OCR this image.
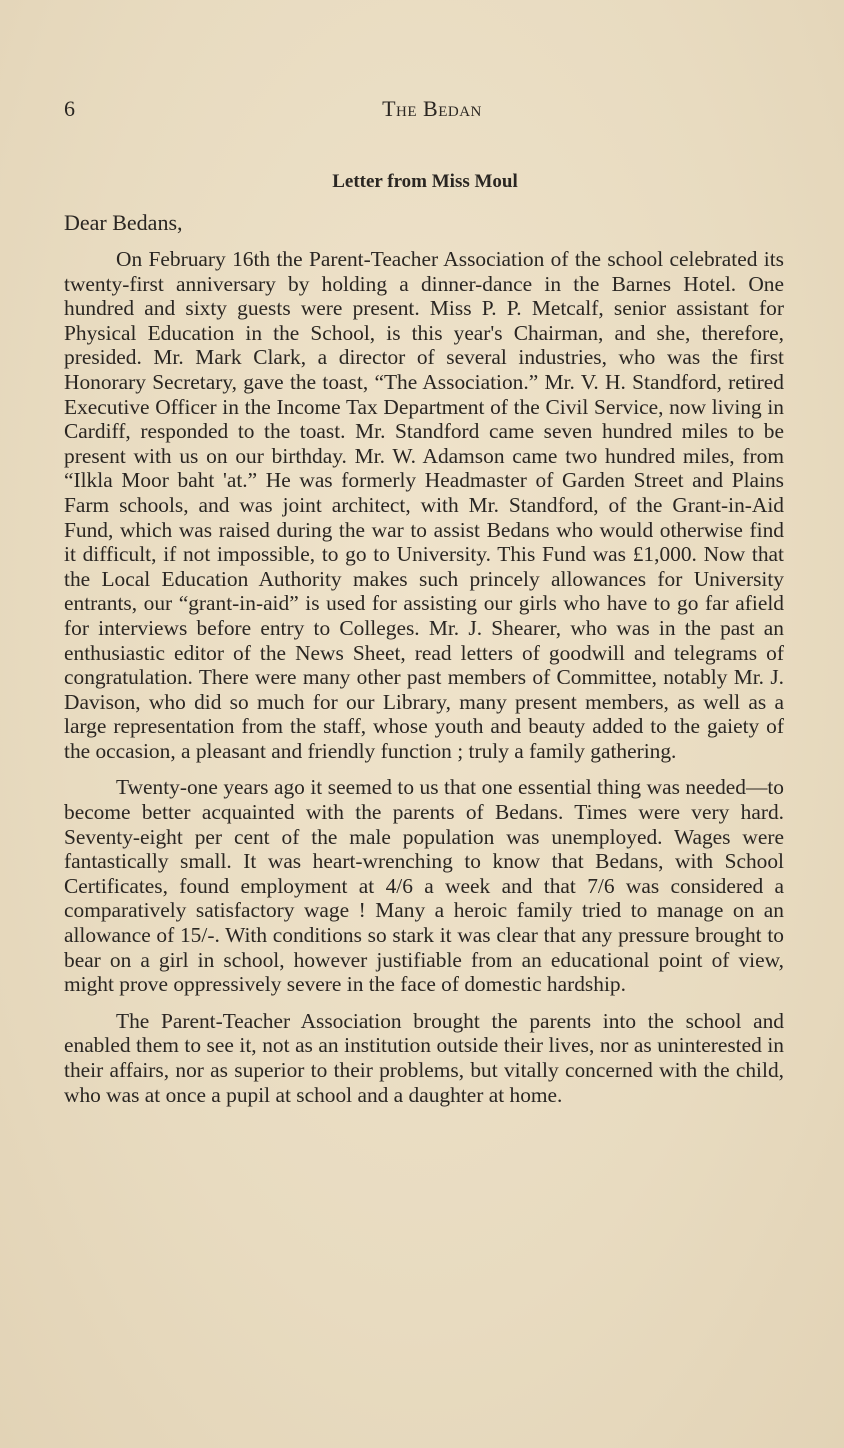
6	The Bedan
Letter from Miss Moul
Dear Bedans,

On February 16th the Parent-Teacher Association of the school celebrated its twenty-first anniversary by holding a dinner-dance in the Barnes Hotel. One hundred and sixty guests were present. Miss P. P. Metcalf, senior assistant for Physical Education in the School, is this year's Chairman, and she, therefore, presided. Mr. Mark Clark, a director of several industries, who was the first Honorary Secretary, gave the toast, “The Association.” Mr. V. H. Standford, retired Executive Officer in the Income Tax Department of the Civil Service, now living in Cardiff, responded to the toast. Mr. Standford came seven hundred miles to be present with us on our birthday. Mr. W. Adamson came two hundred miles, from “Ilkla Moor baht 'at.” He was formerly Headmaster of Garden Street and Plains Farm schools, and was joint architect, with Mr. Standford, of the Grant-in-Aid Fund, which was raised during the war to assist Bedans who would otherwise find it difficult, if not impossible, to go to University. This Fund was £1,000. Now that the Local Education Authority makes such princely allowances for University entrants, our “grant-in-aid” is used for assisting our girls who have to go far afield for interviews before entry to Colleges. Mr. J. Shearer, who was in the past an enthusiastic editor of the News Sheet, read letters of goodwill and telegrams of congratulation. There were many other past members of Committee, notably Mr. J. Davison, who did so much for our Library, many present members, as well as a large representation from the staff, whose youth and beauty added to the gaiety of the occasion, a pleasant and friendly function ; truly a family gathering.

Twenty-one years ago it seemed to us that one essential thing was needed—to become better acquainted with the parents of Bedans. Times were very hard. Seventy-eight per cent of the male population was unemployed. Wages were fantastically small. It was heart-wrenching to know that Bedans, with School Certificates, found employment at 4/6 a week and that 7/6 was considered a comparatively satisfactory wage ! Many a heroic family tried to manage on an allowance of 15/-. With conditions so stark it was clear that any pressure brought to bear on a girl in school, however justifiable from an educational point of view, might prove oppressively severe in the face of domestic hardship.

The Parent-Teacher Association brought the parents into the school and enabled them to see it, not as an institution outside their lives, nor as uninterested in their affairs, nor as superior to their problems, but vitally concerned with the child, who was at once a pupil at school and a daughter at home.
